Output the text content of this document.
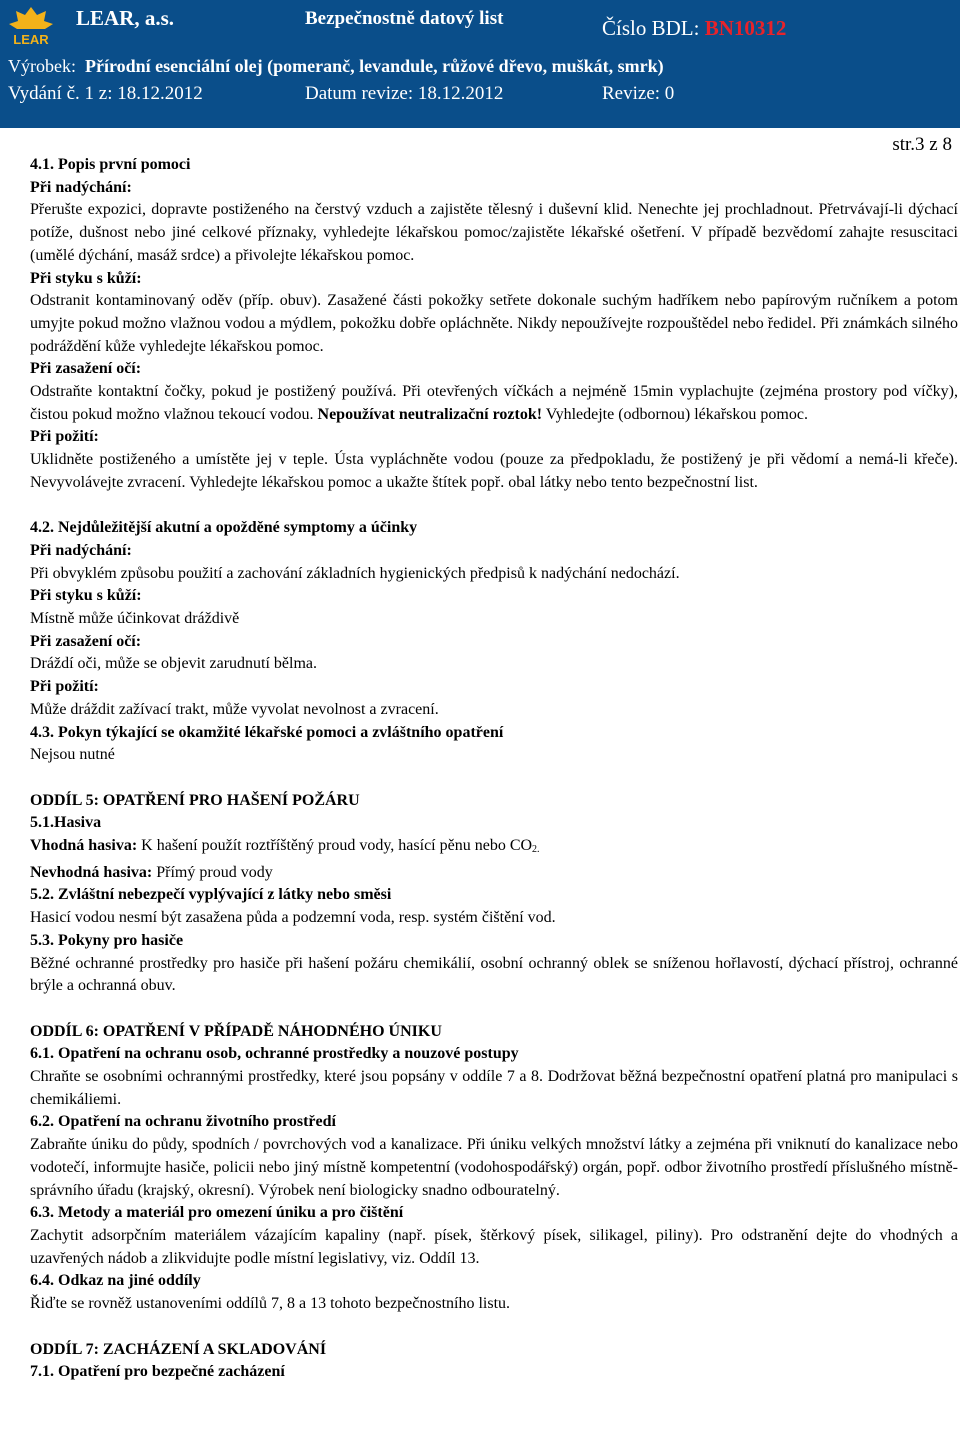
LEAR
LEAR, a.s.	Bezpečnostně datový list	Číslo BDL: BN10312
Výrobek: Přírodní esenciální olej (pomeranč, levandule, růžové dřevo, muškát, smrk)
Vydání č. 1 z: 18.12.2012	Datum revize: 18.12.2012	Revize: 0
str.3 z 8

4.1. Popis první pomoci

Při nadýchání:

Přerušte expozici, dopravte postiženého na čerstvý vzduch a zajistěte tělesný i duševní klid. Nenechte jej prochladnout. Přetrvávají-li dýchací potíže, dušnost nebo jiné celkové příznaky, vyhledejte lékařskou pomoc/zajistěte lékařské ošetření. V případě bezvědomí zahajte resuscitaci (umělé dýchání, masáž srdce) a přivolejte lékařskou pomoc.

Při styku s kůží:

Odstranit kontaminovaný oděv (příp. obuv). Zasažené části pokožky setřete dokonale suchým hadříkem nebo papírovým ručníkem a potom umyjte pokud možno vlažnou vodou a mýdlem, pokožku dobře opláchněte. Nikdy nepoužívejte rozpouštědel nebo ředidel. Při známkách silného podráždění kůže vyhledejte lékařskou pomoc.

Při zasažení očí:

Odstraňte kontaktní čočky, pokud je postižený používá. Při otevřených víčkách a nejméně 15min vyplachujte (zejména prostory pod víčky), čistou pokud možno vlažnou tekoucí vodou. Nepoužívat neutralizační roztok! Vyhledejte (odbornou) lékařskou pomoc.

Při požití:

Uklidněte postiženého a umístěte jej v teple. Ústa vypláchněte vodou (pouze za předpokladu, že postižený je při vědomí a nemá-li křeče). Nevyvolávejte zvracení. Vyhledejte lékařskou pomoc a ukažte štítek popř. obal látky nebo tento bezpečnostní list.

4.2. Nejdůležitější akutní a opožděné symptomy a účinky

Při nadýchání:

Při obvyklém způsobu použití a zachování základních hygienických předpisů k nadýchání nedochází.

Při styku s kůží:

Místně může účinkovat dráždivě

Při zasažení očí:

Dráždí oči, může se objevit zarudnutí bělma.

Při požití:

Může dráždit zažívací trakt, může vyvolat nevolnost a zvracení.

4.3. Pokyn týkající se okamžité lékařské pomoci a zvláštního opatření

Nejsou nutné

ODDÍL 5: OPATŘENÍ PRO HAŠENÍ POŽÁRU

5.1.Hasiva

Vhodná hasiva: K hašení použít roztříštěný proud vody, hasící pěnu nebo $CO_{2.}$

Nevhodná hasiva: Přímý proud vody

5.2. Zvláštní nebezpečí vyplývající z látky nebo směsi

Hasicí vodou nesmí být zasažena půda a podzemní voda, resp. systém čištění vod.

5.3. Pokyny pro hasiče

Běžné ochranné prostředky pro hasiče při hašení požáru chemikálií, osobní ochranný oblek se sníženou hořlavostí, dýchací přístroj, ochranné brýle a ochranná obuv.

ODDÍL 6: OPATŘENÍ V PŘÍPADĚ NÁHODNÉHO ÚNIKU

6.1. Opatření na ochranu osob, ochranné prostředky a nouzové postupy

Chraňte se osobními ochrannými prostředky, které jsou popsány v oddíle 7 a 8. Dodržovat běžná bezpečnostní opatření platná pro manipulaci s chemikáliemi.

6.2. Opatření na ochranu životního prostředí

Zabraňte úniku do půdy, spodních / povrchových vod a kanalizace. Při úniku velkých množství látky a zejména při vniknutí do kanalizace nebo vodotečí, informujte hasiče, policii nebo jiný místně kompetentní (vodohospodářský) orgán, popř. odbor životního prostředí příslušného místně-správního úřadu (krajský, okresní). Výrobek není biologicky snadno odbouratelný.

6.3. Metody a materiál pro omezení úniku a pro čištění

Zachytit adsorpčním materiálem vázajícím kapaliny (např. písek, štěrkový písek, silikagel, piliny). Pro odstranění dejte do vhodných a uzavřených nádob a zlikvidujte podle místní legislativy, viz. Oddíl 13.

6.4. Odkaz na jiné oddíly

Řiďte se rovněž ustanoveními oddílů 7, 8 a 13 tohoto bezpečnostního listu.

ODDÍL 7: ZACHÁZENÍ A SKLADOVÁNÍ

7.1. Opatření pro bezpečné zacházení
